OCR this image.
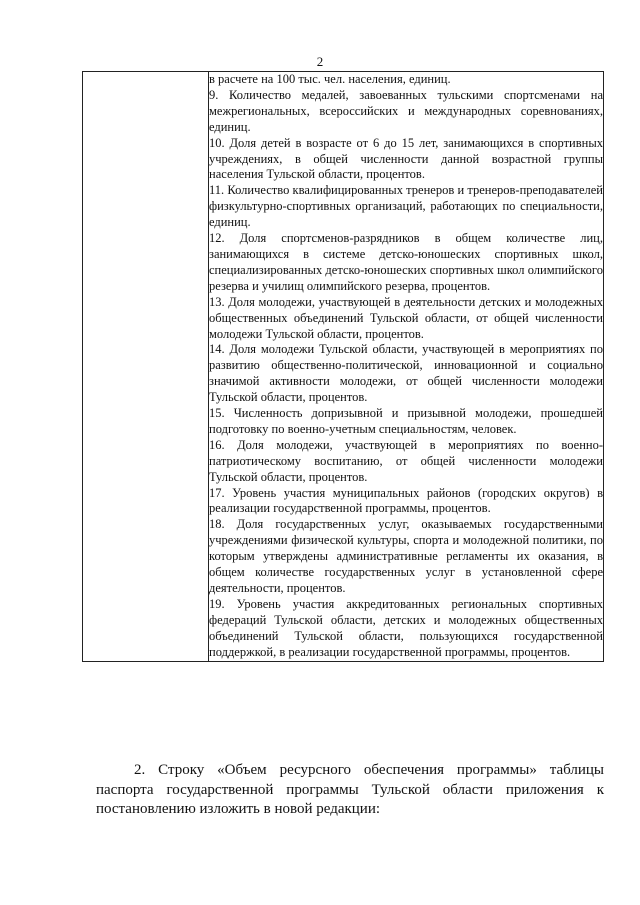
2

в расчете на 100 тыс. чел. населения, единиц.

9. Количество медалей, завоеванных тульскими спортсменами на межрегиональных, всероссийских и международных соревнованиях, единиц.

10. Доля детей в возрасте от 6 до 15 лет, занимающихся в спортивных учреждениях, в общей численности данной возрастной группы населения Тульской области, процентов.

11. Количество квалифицированных тренеров и тренеров-преподавателей физкультурно-спортивных организаций, работающих по специальности, единиц.

12. Доля спортсменов-разрядников в общем количестве лиц, занимающихся в системе детско-юношеских спортивных школ, специализированных детско-юношеских спортивных школ олимпийского резерва и училищ олимпийского резерва, процентов.

13. Доля молодежи, участвующей в деятельности детских и молодежных общественных объединений Тульской области, от общей численности молодежи Тульской области, процентов.

14. Доля молодежи Тульской области, участвующей в мероприятиях по развитию общественно-политической, инновационной и социально значимой активности молодежи, от общей численности молодежи Тульской области, процентов.

15. Численность допризывной и призывной молодежи, прошедшей подготовку по военно-учетным специальностям, человек.

16. Доля молодежи, участвующей в мероприятиях по военно-патриотическому воспитанию, от общей численности молодежи Тульской области, процентов.

17. Уровень участия муниципальных районов (городских округов) в реализации государственной программы, процентов.

18. Доля государственных услуг, оказываемых государственными учреждениями физической культуры, спорта и молодежной политики, по которым утверждены административные регламенты их оказания, в общем количестве государственных услуг в установленной сфере деятельности, процентов.

19. Уровень участия аккредитованных региональных спортивных федераций Тульской области, детских и молодежных общественных объединений Тульской области, пользующихся государственной поддержкой, в реализации государственной программы, процентов.

2. Строку «Объем ресурсного обеспечения программы» таблицы паспорта государственной программы Тульской области приложения к постановлению изложить в новой редакции:
